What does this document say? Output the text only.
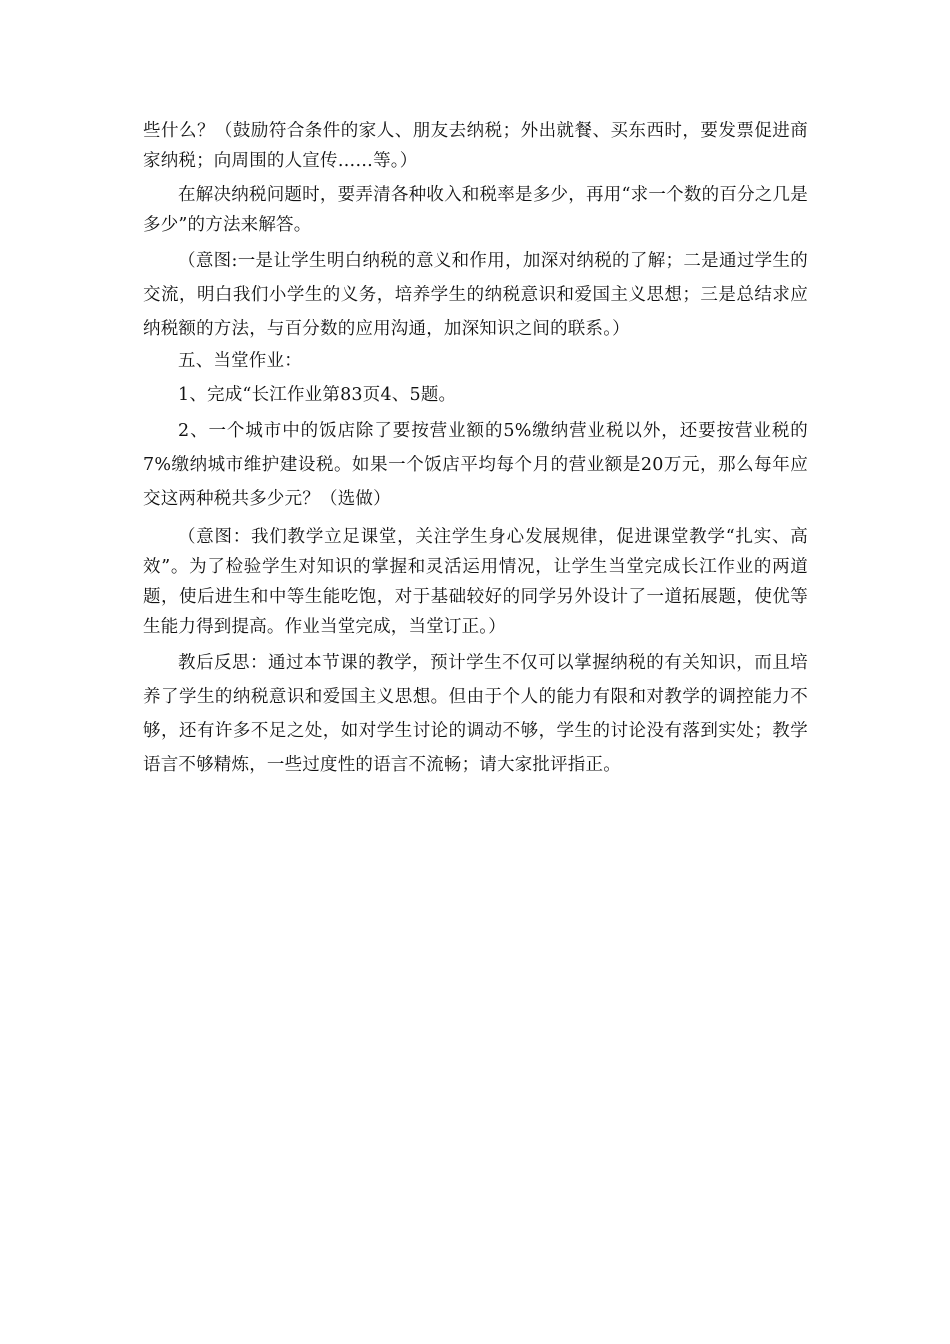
些什么？（鼓励符合条件的家人、朋友去纳税；外出就餐、买东西时，要发票促进商家纳税；向周围的人宣传……等。）

在解决纳税问题时，要弄清各种收入和税率是多少，再用“求一个数的百分之几是多少”的方法来解答。

（意图:一是让学生明白纳税的意义和作用，加深对纳税的了解；二是通过学生的交流，明白我们小学生的义务，培养学生的纳税意识和爱国主义思想；三是总结求应纳税额的方法，与百分数的应用沟通，加深知识之间的联系。）

五、当堂作业：

1、完成“长江作业第83页4、5题。

2、一个城市中的饭店除了要按营业额的5%缴纳营业税以外，还要按营业税的7%缴纳城市维护建设税。如果一个饭店平均每个月的营业额是20万元，那么每年应交这两种税共多少元？（选做）

（意图：我们教学立足课堂，关注学生身心发展规律，促进课堂教学“扎实、高效”。为了检验学生对知识的掌握和灵活运用情况，让学生当堂完成长江作业的两道题，使后进生和中等生能吃饱，对于基础较好的同学另外设计了一道拓展题，使优等生能力得到提高。作业当堂完成，当堂订正。）

教后反思：通过本节课的教学，预计学生不仅可以掌握纳税的有关知识，而且培养了学生的纳税意识和爱国主义思想。但由于个人的能力有限和对教学的调控能力不够，还有许多不足之处，如对学生讨论的调动不够，学生的讨论没有落到实处；教学语言不够精炼，一些过度性的语言不流畅；请大家批评指正。
